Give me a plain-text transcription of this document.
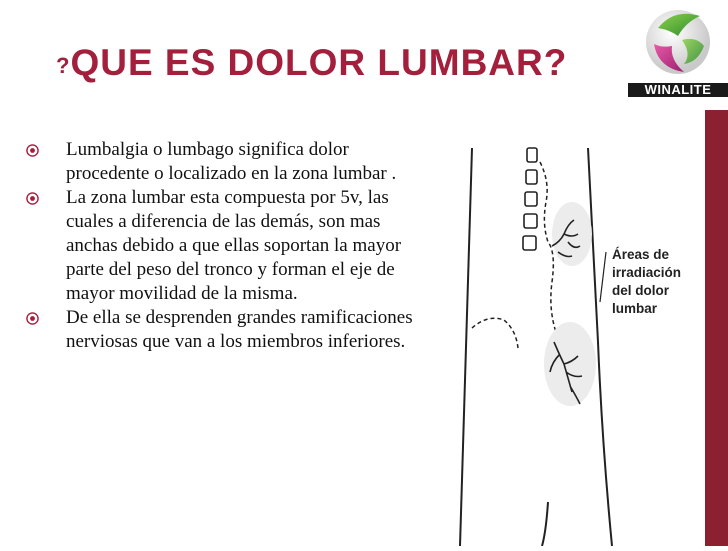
?QUE ES DOLOR LUMBAR?
Lumbalgia o lumbago significa dolor procedente o localizado en la zona lumbar .
La zona lumbar esta compuesta por 5v, las cuales a diferencia de las demás, son mas anchas debido a que ellas soportan la mayor parte del peso del tronco y forman el eje de mayor movilidad de la misma.
De ella se desprenden grandes ramificaciones nerviosas que van a los miembros inferiores.
WINALITE
Áreas de
irradiación
del dolor
lumbar
